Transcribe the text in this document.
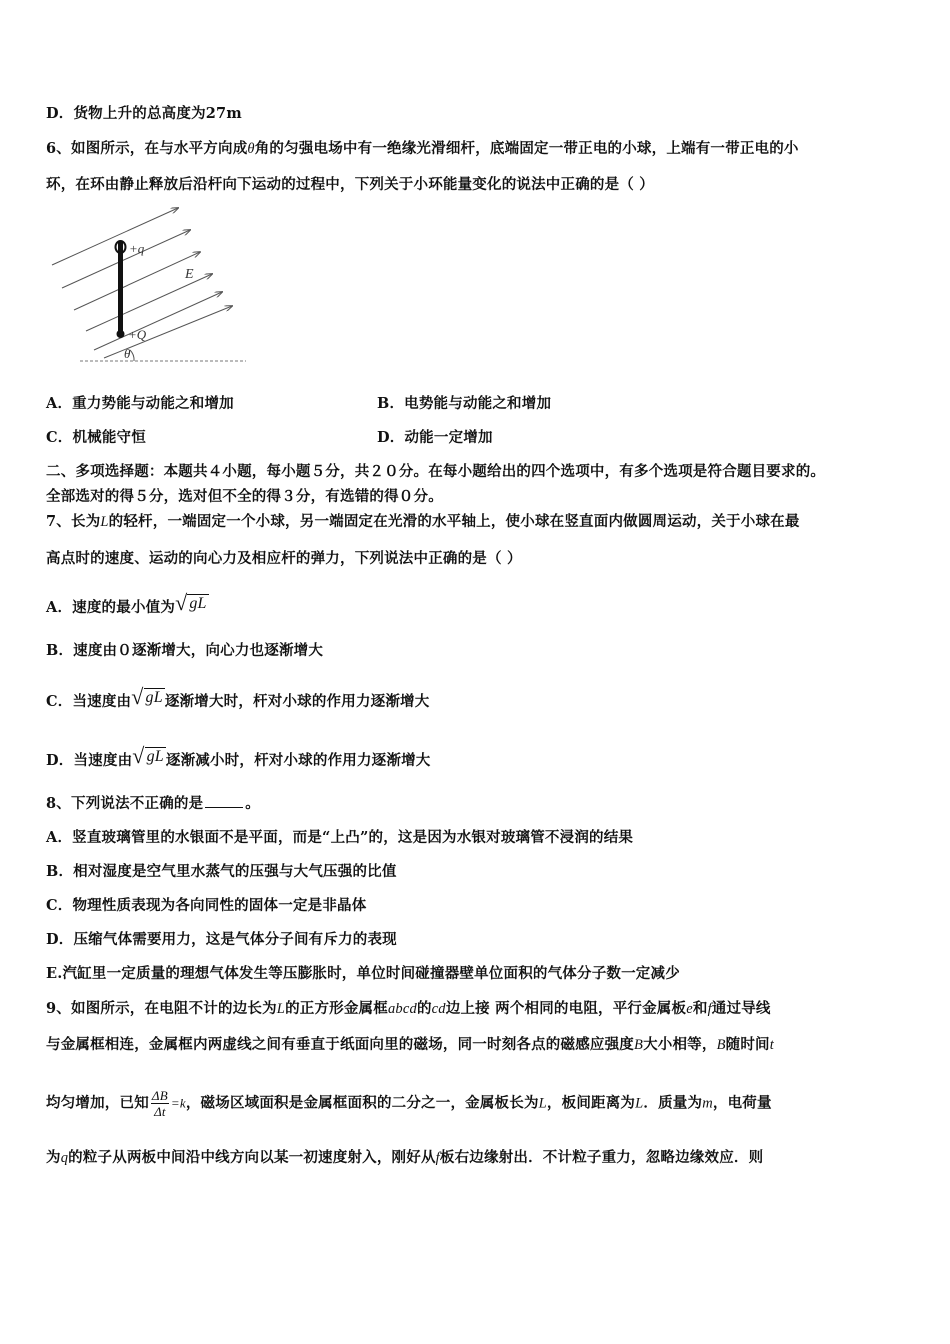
D．货物上升的总高度为27m
6、如图所示，在与水平方向成θ角的匀强电场中有一绝缘光滑细杆，底端固定一带正电的小球，上端有一带正电的小
环，在环由静止释放后沿杆向下运动的过程中，下列关于小环能量变化的说法中正确的是（ ）
+q
+Q
E
θ
A．重力势能与动能之和增加	B．电势能与动能之和增加
C．机械能守恒	D．动能一定增加
二、多项选择题：本题共４小题，每小题５分，共２０分。在每小题给出的四个选项中，有多个选项是符合题目要求的。
全部选对的得５分，选对但不全的得３分，有选错的得０分。
7、长为L的轻杆，一端固定一个小球，另一端固定在光滑的水平轴上，使小球在竖直面内做圆周运动，关于小球在最
高点时的速度、运动的向心力及相应杆的弹力，下列说法中正确的是（ ）
A．速度的最小值为√ gL
B．速度由０逐渐增大，向心力也逐渐增大
C．当速度由√ gL 逐渐增大时，杆对小球的作用力逐渐增大
D．当速度由√ gL 逐渐减小时，杆对小球的作用力逐渐增大
8、下列说法不正确的是	。
A．竖直玻璃管里的水银面不是平面，而是“上凸”的，这是因为水银对玻璃管不浸润的结果
B．相对湿度是空气里水蒸气的压强与大气压强的比值
C．物理性质表现为各向同性的固体一定是非晶体
D．压缩气体需要用力，这是气体分子间有斥力的表现
E.汽缸里一定质量的理想气体发生等压膨胀时，单位时间碰撞器壁单位面积的气体分子数一定减少
9、如图所示，在电阻不计的边长为L的正方形金属框abcd的cd边上接 两个相同的电阻，平行金属板e和f通过导线
与金属框相连，金属框内两虚线之间有垂直于纸面向里的磁场，同一时刻各点的磁感应强度B大小相等，B随时间t
均匀增加，已知 $\frac{\Delta B}{\Delta t} =k$，磁场区域面积是金属框面积的二分之一，金属板长为L，板间距离为L．质量为m，电荷量
为q的粒子从两板中间沿中线方向以某一初速度射入，刚好从f板右边缘射出．不计粒子重力，忽略边缘效应．则
